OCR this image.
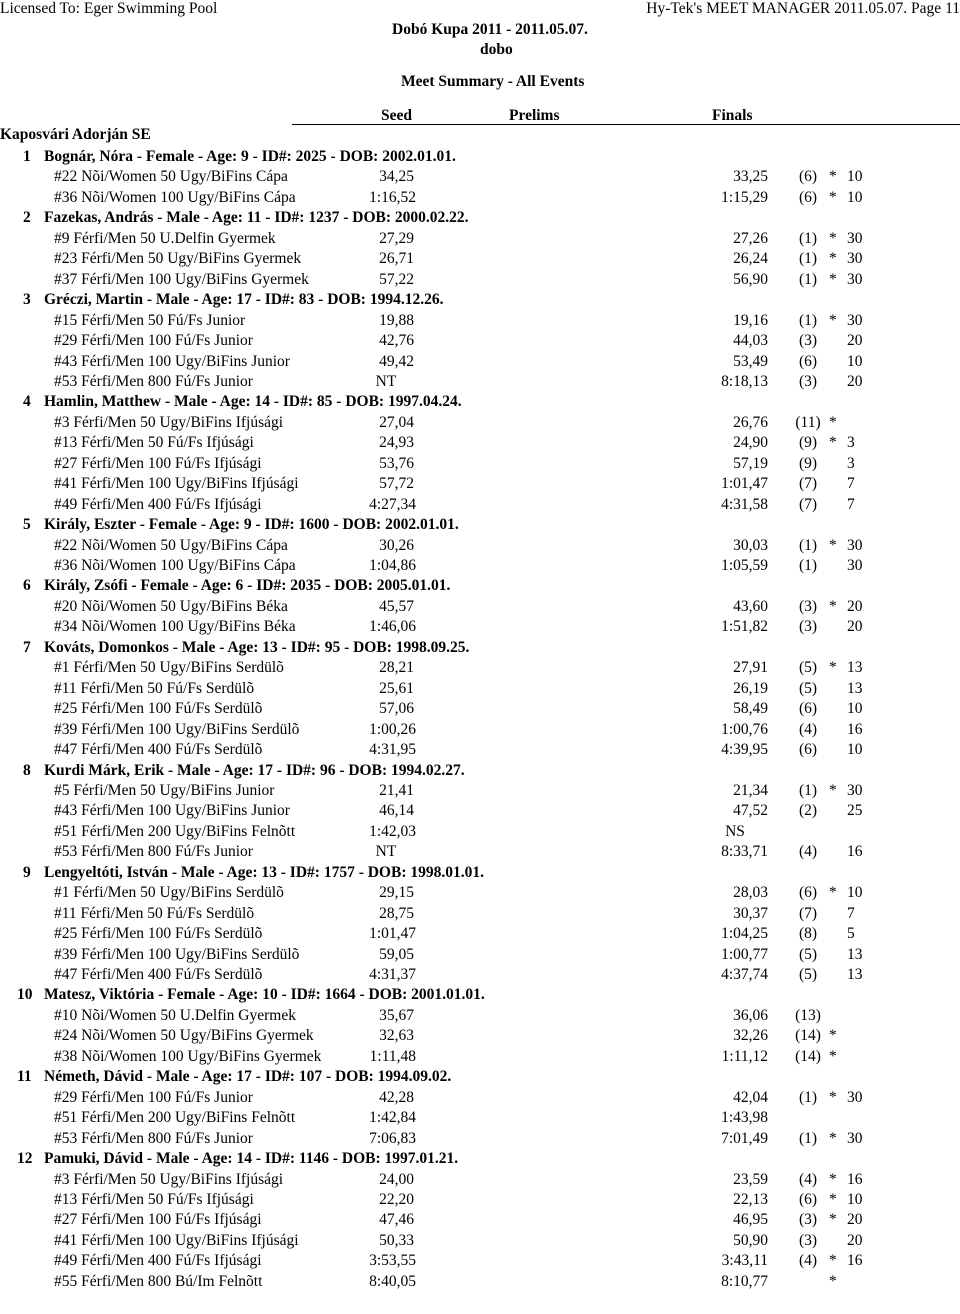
Licensed To: Eger Swimming Pool	Hy-Tek's MEET MANAGER 2011.05.07. Page 11
Dobó Kupa 2011 - 2011.05.07.
dobo
Meet Summary - All Events
Seed	Prelims	Finals
Kaposvári Adorján SE
1 Bognár, Nóra - Female - Age: 9 - ID#: 2025 - DOB: 2002.01.01.
#22 Nõi/Women 50 Ugy/BiFins Cápa	34,25	33,25	(6) * 10
#36 Nõi/Women 100 Ugy/BiFins Cápa	1:16,52	1:15,29	(6) * 10
2 Fazekas, András - Male - Age: 11 - ID#: 1237 - DOB: 2000.02.22.
#9 Férfi/Men 50 U.Delfin Gyermek	27,29	27,26	(1) * 30
#23 Férfi/Men 50 Ugy/BiFins Gyermek	26,71	26,24	(1) * 30
#37 Férfi/Men 100 Ugy/BiFins Gyermek	57,22	56,90	(1) * 30
3 Gréczi, Martin - Male - Age: 17 - ID#: 83 - DOB: 1994.12.26.
#15 Férfi/Men 50 Fú/Fs Junior	19,88	19,16	(1) * 30
#29 Férfi/Men 100 Fú/Fs Junior	42,76	44,03	(3)	20
#43 Férfi/Men 100 Ugy/BiFins Junior	49,42	53,49	(6)	10
#53 Férfi/Men 800 Fú/Fs Junior	NT	8:18,13	(3)	20
4 Hamlin, Matthew - Male - Age: 14 - ID#: 85 - DOB: 1997.04.24.
#3 Férfi/Men 50 Ugy/BiFins Ifjúsági	27,04	26,76	(11) *
#13 Férfi/Men 50 Fú/Fs Ifjúsági	24,93	24,90	(9) * 3
#27 Férfi/Men 100 Fú/Fs Ifjúsági	53,76	57,19	(9)	3
#41 Férfi/Men 100 Ugy/BiFins Ifjúsági	57,72	1:01,47	(7)	7
#49 Férfi/Men 400 Fú/Fs Ifjúsági	4:27,34	4:31,58	(7)	7
5 Király, Eszter - Female - Age: 9 - ID#: 1600 - DOB: 2002.01.01.
#22 Nõi/Women 50 Ugy/BiFins Cápa	30,26	30,03	(1) * 30
#36 Nõi/Women 100 Ugy/BiFins Cápa	1:04,86	1:05,59	(1)	30
6 Király, Zsófi - Female - Age: 6 - ID#: 2035 - DOB: 2005.01.01.
#20 Nõi/Women 50 Ugy/BiFins Béka	45,57	43,60	(3) * 20
#34 Nõi/Women 100 Ugy/BiFins Béka	1:46,06	1:51,82	(3)	20
7 Kováts, Domonkos - Male - Age: 13 - ID#: 95 - DOB: 1998.09.25.
#1 Férfi/Men 50 Ugy/BiFins Serdülõ	28,21	27,91	(5) * 13
#11 Férfi/Men 50 Fú/Fs Serdülõ	25,61	26,19	(5)	13
#25 Férfi/Men 100 Fú/Fs Serdülõ	57,06	58,49	(6)	10
#39 Férfi/Men 100 Ugy/BiFins Serdülõ	1:00,26	1:00,76	(4)	16
#47 Férfi/Men 400 Fú/Fs Serdülõ	4:31,95	4:39,95	(6)	10
8 Kurdi Márk, Erik - Male - Age: 17 - ID#: 96 - DOB: 1994.02.27.
#5 Férfi/Men 50 Ugy/BiFins Junior	21,41	21,34	(1) * 30
#43 Férfi/Men 100 Ugy/BiFins Junior	46,14	47,52	(2)	25
#51 Férfi/Men 200 Ugy/BiFins Felnõtt	1:42,03	NS
#53 Férfi/Men 800 Fú/Fs Junior	NT	8:33,71	(4)	16
9 Lengyeltóti, István - Male - Age: 13 - ID#: 1757 - DOB: 1998.01.01.
#1 Férfi/Men 50 Ugy/BiFins Serdülõ	29,15	28,03	(6) * 10
#11 Férfi/Men 50 Fú/Fs Serdülõ	28,75	30,37	(7)	7
#25 Férfi/Men 100 Fú/Fs Serdülõ	1:01,47	1:04,25	(8)	5
#39 Férfi/Men 100 Ugy/BiFins Serdülõ	59,05	1:00,77	(5)	13
#47 Férfi/Men 400 Fú/Fs Serdülõ	4:31,37	4:37,74	(5)	13
10 Matesz, Viktória - Female - Age: 10 - ID#: 1664 - DOB: 2001.01.01.
#10 Nõi/Women 50 U.Delfin Gyermek	35,67	36,06	(13)
#24 Nõi/Women 50 Ugy/BiFins Gyermek	32,63	32,26	(14) *
#38 Nõi/Women 100 Ugy/BiFins Gyermek	1:11,48	1:11,12	(14) *
11 Németh, Dávid - Male - Age: 17 - ID#: 107 - DOB: 1994.09.02.
#29 Férfi/Men 100 Fú/Fs Junior	42,28	42,04	(1) * 30
#51 Férfi/Men 200 Ugy/BiFins Felnõtt	1:42,84	1:43,98
#53 Férfi/Men 800 Fú/Fs Junior	7:06,83	7:01,49	(1) * 30
12 Pamuki, Dávid - Male - Age: 14 - ID#: 1146 - DOB: 1997.01.21.
#3 Férfi/Men 50 Ugy/BiFins Ifjúsági	24,00	23,59	(4) * 16
#13 Férfi/Men 50 Fú/Fs Ifjúsági	22,20	22,13	(6) * 10
#27 Férfi/Men 100 Fú/Fs Ifjúsági	47,46	46,95	(3) * 20
#41 Férfi/Men 100 Ugy/BiFins Ifjúsági	50,33	50,90	(3)	20
#49 Férfi/Men 400 Fú/Fs Ifjúsági	3:53,55	3:43,11	(4) * 16
#55 Férfi/Men 800 Bú/Im Felnõtt	8:40,05	8:10,77	*
